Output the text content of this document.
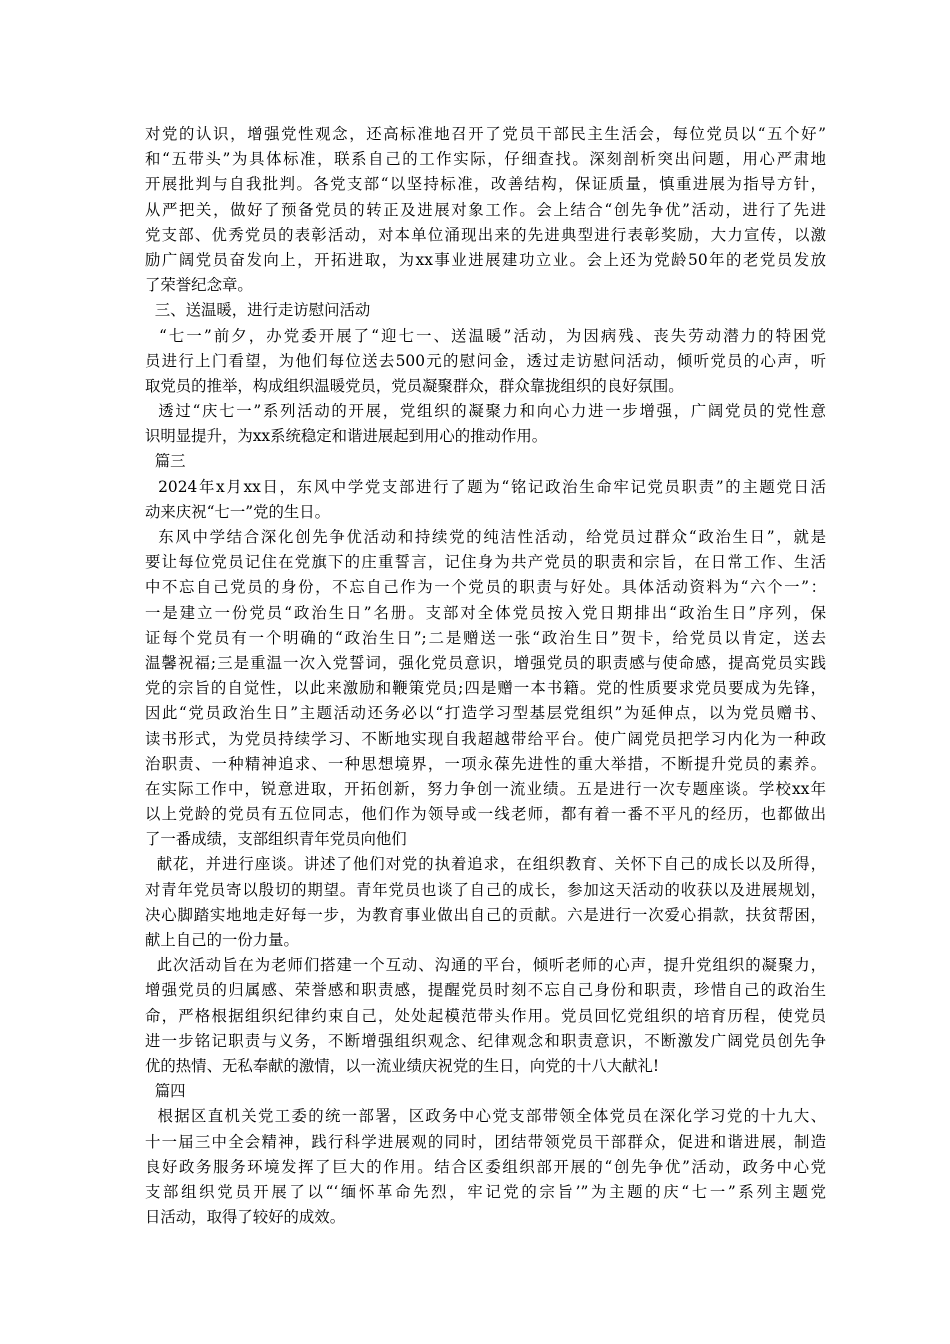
对党的认识，增强党性观念，还高标准地召开了党员干部民主生活会，每位党员以“五个好”
和“五带头”为具体标准，联系自己的工作实际，仔细查找。深刻剖析突出问题，用心严肃地
开展批判与自我批判。各党支部“以坚持标准，改善结构，保证质量，慎重进展为指导方针，
从严把关，做好了预备党员的转正及进展对象工作。会上结合“创先争优”活动，进行了先进
党支部、优秀党员的表彰活动，对本单位涌现出来的先进典型进行表彰奖励，大力宣传，以激
励广阔党员奋发向上，开拓进取，为xx事业进展建功立业。会上还为党龄50年的老党员发放
了荣誉纪念章。
三、送温暖，进行走访慰问活动
“七一”前夕，办党委开展了“迎七一、送温暖”活动，为因病残、丧失劳动潜力的特困党
员进行上门看望，为他们每位送去500元的慰问金，透过走访慰问活动，倾听党员的心声，听
取党员的推举，构成组织温暖党员，党员凝聚群众，群众靠拢组织的良好氛围。
透过“庆七一”系列活动的开展，党组织的凝聚力和向心力进一步增强，广阔党员的党性意
识明显提升，为xx系统稳定和谐进展起到用心的推动作用。
篇三
2024年x月xx日，东风中学党支部进行了题为“铭记政治生命牢记党员职责”的主题党日活
动来庆祝“七一”党的生日。
东风中学结合深化创先争优活动和持续党的纯洁性活动，给党员过群众“政治生日”，就是
要让每位党员记住在党旗下的庄重誓言，记住身为共产党员的职责和宗旨，在日常工作、生活
中不忘自己党员的身份，不忘自己作为一个党员的职责与好处。具体活动资料为“六个一”：
一是建立一份党员“政治生日”名册。支部对全体党员按入党日期排出“政治生日”序列，保
证每个党员有一个明确的“政治生日”;二是赠送一张“政治生日”贺卡，给党员以肯定，送去
温馨祝福;三是重温一次入党誓词，强化党员意识，增强党员的职责感与使命感，提高党员实践
党的宗旨的自觉性，以此来激励和鞭策党员;四是赠一本书籍。党的性质要求党员要成为先锋，
因此“党员政治生日”主题活动还务必以“打造学习型基层党组织”为延伸点，以为党员赠书、
读书形式，为党员持续学习、不断地实现自我超越带给平台。使广阔党员把学习内化为一种政
治职责、一种精神追求、一种思想境界，一项永葆先进性的重大举措，不断提升党员的素养。
在实际工作中，锐意进取，开拓创新，努力争创一流业绩。五是进行一次专题座谈。学校xx年
以上党龄的党员有五位同志，他们作为领导或一线老师，都有着一番不平凡的经历，也都做出
了一番成绩，支部组织青年党员向他们
献花，并进行座谈。讲述了他们对党的执着追求，在组织教育、关怀下自己的成长以及所得，
对青年党员寄以殷切的期望。青年党员也谈了自己的成长，参加这天活动的收获以及进展规划，
决心脚踏实地地走好每一步，为教育事业做出自己的贡献。六是进行一次爱心捐款，扶贫帮困，
献上自己的一份力量。
此次活动旨在为老师们搭建一个互动、沟通的平台，倾听老师的心声，提升党组织的凝聚力，
增强党员的归属感、荣誉感和职责感，提醒党员时刻不忘自己身份和职责，珍惜自己的政治生
命，严格根据组织纪律约束自己，处处起模范带头作用。党员回忆党组织的培育历程，使党员
进一步铭记职责与义务，不断增强组织观念、纪律观念和职责意识，不断激发广阔党员创先争
优的热情、无私奉献的激情，以一流业绩庆祝党的生日，向党的十八大献礼!
篇四
根据区直机关党工委的统一部署，区政务中心党支部带领全体党员在深化学习党的十九大、
十一届三中全会精神，践行科学进展观的同时，团结带领党员干部群众，促进和谐进展，制造
良好政务服务环境发挥了巨大的作用。结合区委组织部开展的“创先争优”活动，政务中心党
支部组织党员开展了以“‘缅怀革命先烈，牢记党的宗旨’”为主题的庆“七一”系列主题党
日活动，取得了较好的成效。
